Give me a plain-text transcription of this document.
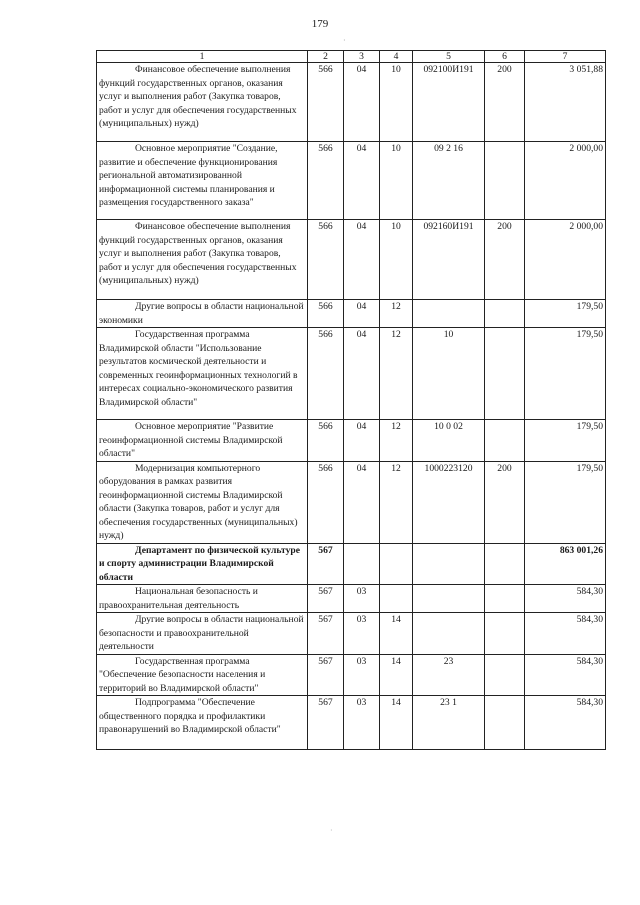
179
·
1	2	3	4	5	6	7

Финансовое обеспечение выполнения функций государственных органов, оказания услуг и выполнения работ (Закупка товаров, работ и услуг для обеспечения государственных (муниципальных) нужд)	566	04	10	092100И191	200	3 051,88

Основное мероприятие "Создание, развитие и обеспечение функционирования региональной автоматизированной информационной системы планирования и размещения государственного заказа"	566	04	10	09 2 16		2 000,00

Финансовое обеспечение выполнения функций государственных органов, оказания услуг и выполнения работ (Закупка товаров, работ и услуг для обеспечения государственных (муниципальных) нужд)	566	04	10	092160И191	200	2 000,00

Другие вопросы в области национальной экономики	566	04	12			179,50

Государственная программа Владимирской области "Использование результатов космической деятельности и современных геоинформационных технологий в интересах социально-экономического развития Владимирской области"	566	04	12	10		179,50

Основное мероприятие "Развитие геоинформационной системы Владимирской области"	566	04	12	10 0 02		179,50

Модернизация компьютерного оборудования в рамках развития геоинформационной системы Владимирской области (Закупка товаров, работ и услуг для обеспечения государственных (муниципальных) нужд)	566	04	12	1000223120	200	179,50

Департамент по физической культуре и спорту администрации Владимирской области	567					863 001,26

Национальная безопасность и правоохранительная деятельность	567	03				584,30

Другие вопросы в области национальной безопасности и правоохранительной деятельности	567	03	14			584,30

Государственная программа "Обеспечение безопасности населения и территорий во Владимирской области"	567	03	14	23		584,30

Подпрограмма "Обеспечение общественного порядка и профилактики правонарушений во Владимирской области"	567	03	14	23 1		584,30
·
